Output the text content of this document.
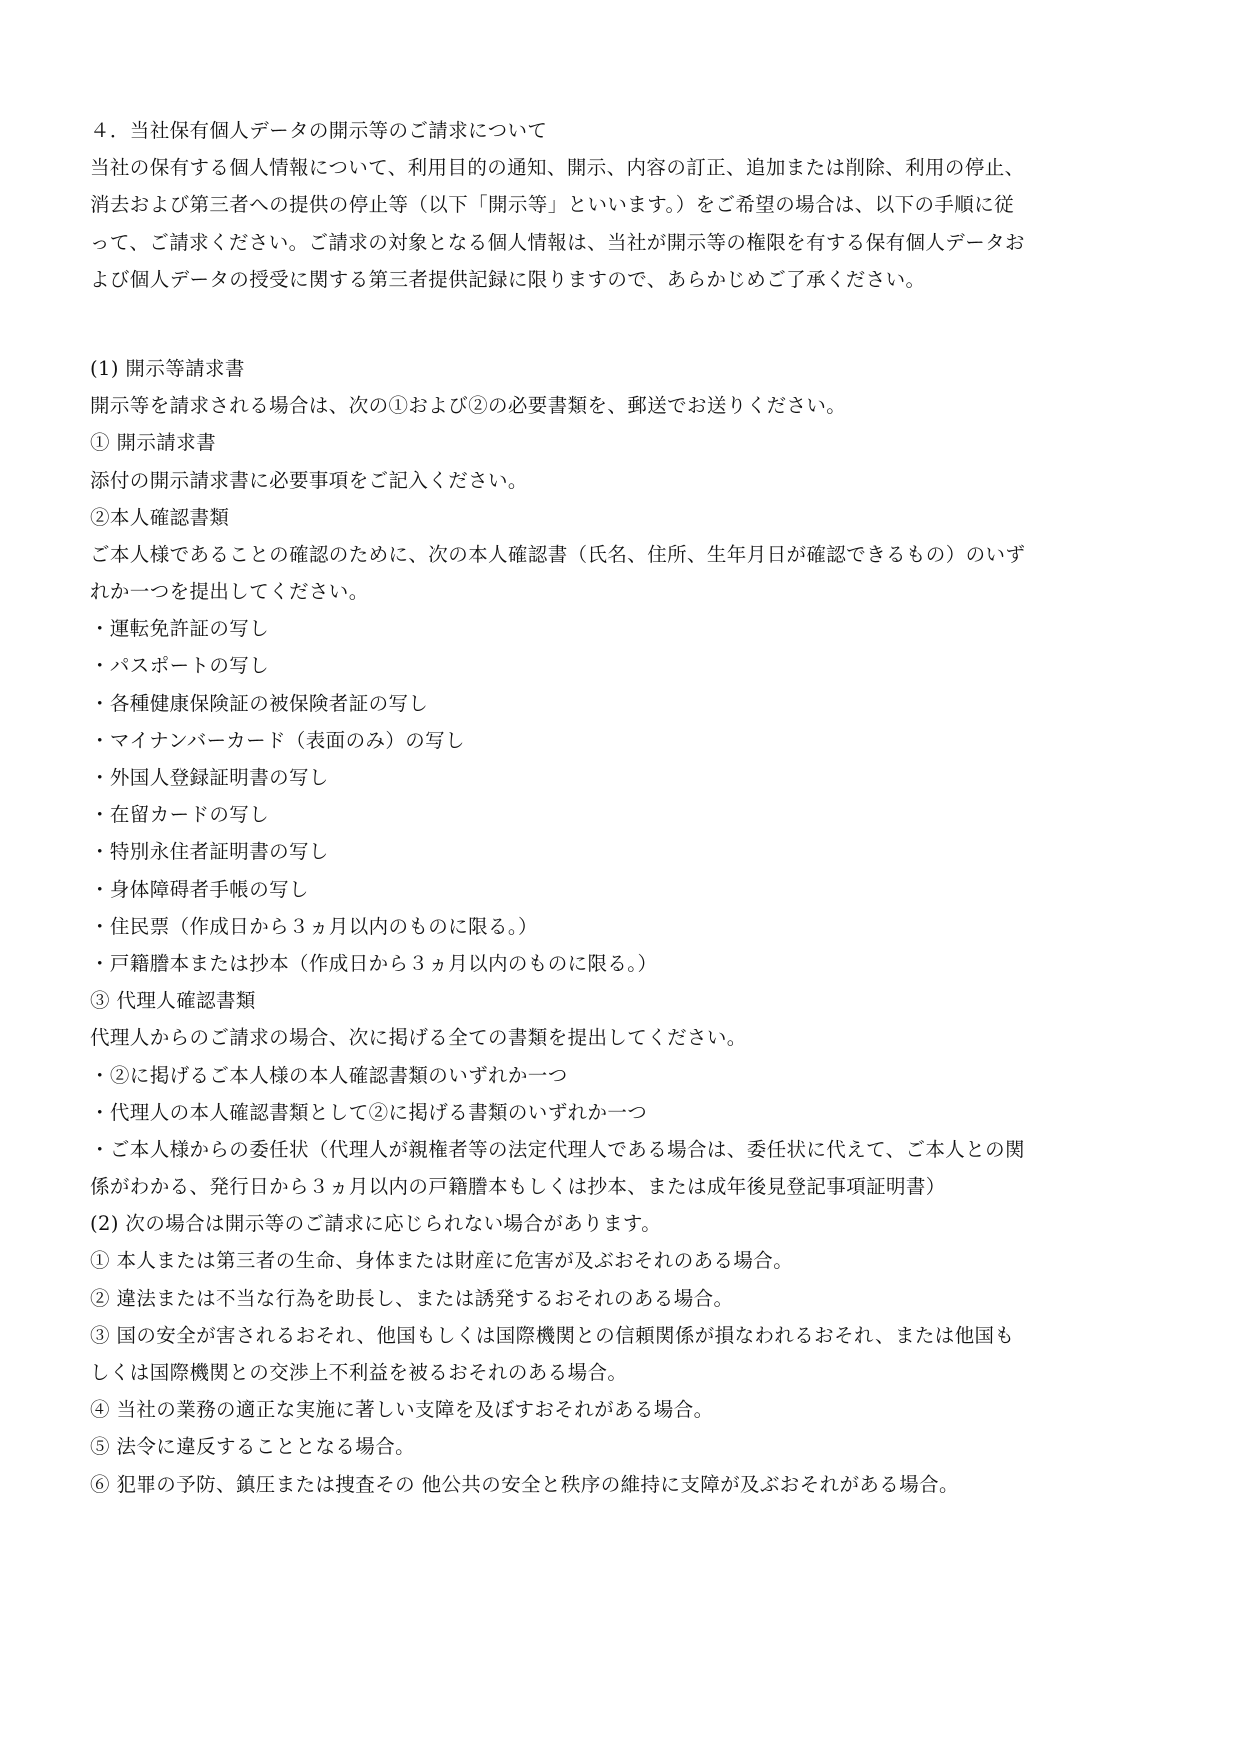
４．当社保有個人データの開示等のご請求について
当社の保有する個人情報について、利用目的の通知、開示、内容の訂正、追加または削除、利用の停止、
消去および第三者への提供の停止等（以下「開示等」といいます。）をご希望の場合は、以下の手順に従
って、ご請求ください。ご請求の対象となる個人情報は、当社が開示等の権限を有する保有個人データお
よび個人データの授受に関する第三者提供記録に限りますので、あらかじめご了承ください。
(1) 開示等請求書
開示等を請求される場合は、次の①および②の必要書類を、郵送でお送りください。
① 開示請求書
添付の開示請求書に必要事項をご記入ください。
②本人確認書類
ご本人様であることの確認のために、次の本人確認書（氏名、住所、生年月日が確認できるもの）のいず
れか一つを提出してください。
・運転免許証の写し
・パスポートの写し
・各種健康保険証の被保険者証の写し
・マイナンバーカード（表面のみ）の写し
・外国人登録証明書の写し
・在留カードの写し
・特別永住者証明書の写し
・身体障碍者手帳の写し
・住民票（作成日から３ヵ月以内のものに限る。）
・戸籍謄本または抄本（作成日から３ヵ月以内のものに限る。）
③ 代理人確認書類
代理人からのご請求の場合、次に掲げる全ての書類を提出してください。
・②に掲げるご本人様の本人確認書類のいずれか一つ
・代理人の本人確認書類として②に掲げる書類のいずれか一つ
・ご本人様からの委任状（代理人が親権者等の法定代理人である場合は、委任状に代えて、ご本人との関
係がわかる、発行日から３ヵ月以内の戸籍謄本もしくは抄本、または成年後見登記事項証明書）
(2) 次の場合は開示等のご請求に応じられない場合があります。
① 本人または第三者の生命、身体または財産に危害が及ぶおそれのある場合。
② 違法または不当な行為を助長し、または誘発するおそれのある場合。
③ 国の安全が害されるおそれ、他国もしくは国際機関との信頼関係が損なわれるおそれ、または他国も
しくは国際機関との交渉上不利益を被るおそれのある場合。
④ 当社の業務の適正な実施に著しい支障を及ぼすおそれがある場合。
⑤ 法令に違反することとなる場合。
⑥ 犯罪の予防、鎮圧または捜査その 他公共の安全と秩序の維持に支障が及ぶおそれがある場合。
